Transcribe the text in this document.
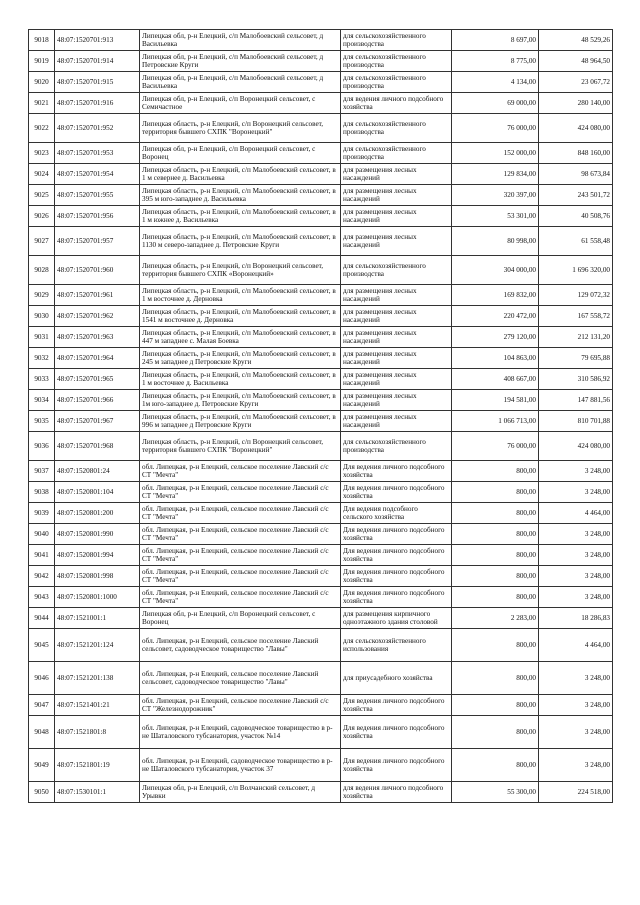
9018	48:07:1520701:913	Липецкая обл, р-н Елецкий, с/п Малобоевский сельсовет, д Васильевка	для сельскохозяйственного производства	8 697,00	48 529,26
9019	48:07:1520701:914	Липецкая обл, р-н Елецкий, с/п Малобоевский сельсовет, д Петровские Круги	для сельскохозяйственного производства	8 775,00	48 964,50
9020	48:07:1520701:915	Липецкая обл, р-н Елецкий, с/п Малобоевский сельсовет, д Васильевка	для сельскохозяйственного производства	4 134,00	23 067,72
9021	48:07:1520701:916	Липецкая обл, р-н Елецкий, с/п Воронецкий сельсовет, с Семичастное	для ведения личного подсобного хозяйства	69 000,00	280 140,00
9022	48:07:1520701:952	Липецкая область, р-н Елецкий, с/п Воронецкий сельсовет, территория бывшего СХПК "Воронецкий"	для сельскохозяйственного производства	76 000,00	424 080,00
9023	48:07:1520701:953	Липецкая обл, р-н Елецкий, с/п Воронецкий сельсовет, с Воронец	для сельскохозяйственного производства	152 000,00	848 160,00
9024	48:07:1520701:954	Липецкая область, р-н Елецкий, с/п Малобоевский сельсовет, в 1 м севернее д. Васильевка	для размещения лесных насаждений	129 834,00	98 673,84
9025	48:07:1520701:955	Липецкая область, р-н Елецкий, с/п Малобоевский сельсовет, в 395 м юго-западнее д. Васильевка	для размещения лесных насаждений	320 397,00	243 501,72
9026	48:07:1520701:956	Липецкая область, р-н Елецкий, с/п Малобоевский сельсовет, в 1 м южнее д. Васильевка	для размещения лесных насаждений	53 301,00	40 508,76
9027	48:07:1520701:957	Липецкая область, р-н Елецкий, с/п Малобоевский сельсовет, в 1130 м северо-западнее д. Петровские Круги	для размещения лесных насаждений	80 998,00	61 558,48
9028	48:07:1520701:960	Липецкая область, р-н Елецкий, с/п Воронецкий сельсовет, территория бывшего СХПК «Воронецкий»	для сельскохозяйственного производства	304 000,00	1 696 320,00
9029	48:07:1520701:961	Липецкая область, р-н Елецкий, с/п Малобоевский сельсовет, в 1 м восточнее д. Дерновка	для размещения лесных насаждений	169 832,00	129 072,32
9030	48:07:1520701:962	Липецкая область, р-н Елецкий, с/п Малобоевский сельсовет, в 1541 м восточнее д. Дерновка	для размещения лесных насаждений	220 472,00	167 558,72
9031	48:07:1520701:963	Липецкая область, р-н Елецкий, с/п Малобоевский сельсовет, в 447 м западнее с. Малая Боевка	для размещения лесных насаждений	279 120,00	212 131,20
9032	48:07:1520701:964	Липецкая область, р-н Елецкий, с/п Малобоевский сельсовет, в 245 м западнее д Петровские Круги	для размещения лесных насаждений	104 863,00	79 695,88
9033	48:07:1520701:965	Липецкая область, р-н Елецкий, с/п Малобоевский сельсовет, в 1 м восточнее д. Васильевка	для размещения лесных насаждений	408 667,00	310 586,92
9034	48:07:1520701:966	Липецкая область, р-н Елецкий, с/п Малобоевский сельсовет, в 1м юго-западнее д. Петровские Круги	для размещения лесных насаждений	194 581,00	147 881,56
9035	48:07:1520701:967	Липецкая область, р-н Елецкий, с/п Малобоевский сельсовет, в 996 м западнее д Петровские Круги	для размещения лесных насаждений	1 066 713,00	810 701,88
9036	48:07:1520701:968	Липецкая область, р-н Елецкий, с/п Воронецкий сельсовет, территория бывшего СХПК "Воронецкий"	для сельскохозяйственного производства	76 000,00	424 080,00
9037	48:07:1520801:24	обл. Липецкая, р-н Елецкий, сельское поселение Лавский с/с СТ "Мечта"	Для ведения личного подсобного хозяйства	800,00	3 248,00
9038	48:07:1520801:104	обл. Липецкая, р-н Елецкий, сельское поселение Лавский с/с СТ "Мечта"	Для ведения личного подсобного хозяйства	800,00	3 248,00
9039	48:07:1520801:200	обл. Липецкая, р-н Елецкий, сельское поселение Лавский с/с СТ "Мечта"	Для ведения подсобного сельского хозяйства	800,00	4 464,00
9040	48:07:1520801:990	обл. Липецкая, р-н Елецкий, сельское поселение Лавский с/с СТ "Мечта"	Для ведения личного подсобного хозяйства	800,00	3 248,00
9041	48:07:1520801:994	обл. Липецкая, р-н Елецкий, сельское поселение Лавский с/с СТ "Мечта"	Для ведения личного подсобного хозяйства	800,00	3 248,00
9042	48:07:1520801:998	обл. Липецкая, р-н Елецкий, сельское поселение Лавский с/с СТ "Мечта"	Для ведения личного подсобного хозяйства	800,00	3 248,00
9043	48:07:1520801:1000	обл. Липецкая, р-н Елецкий, сельское поселение Лавский с/с СТ "Мечта"	Для ведения личного подсобного хозяйства	800,00	3 248,00
9044	48:07:1521001:1	Липецкая обл, р-н Елецкий, с/п Воронецкий сельсовет, с Воронец	для размещения кирпичного одноэтажного здания столовой	2 283,00	18 286,83
9045	48:07:1521201:124	обл. Липецкая, р-н Елецкий, сельское поселение Лавский сельсовет, садоводческое товарищество "Лавы"	для сельскохозяйственного использования	800,00	4 464,00
9046	48:07:1521201:138	обл. Липецкая, р-н Елецкий, сельское поселение Лавский сельсовет, садоводческое товарищество "Лавы"	для приусадебного хозяйства	800,00	3 248,00
9047	48:07:1521401:21	обл. Липецкая, р-н Елецкий, сельское поселение Лавский с/с СТ "Железнодорожник"	Для ведения личного подсобного хозяйства	800,00	3 248,00
9048	48:07:1521801:8	обл. Липецкая, р-н Елецкий, садоводческое товарищество в р-не Шаталовского тубсанатория, участок №14	Для ведения личного подсобного хозяйства	800,00	3 248,00
9049	48:07:1521801:19	обл. Липецкая, р-н Елецкий, садоводческое товарищество в р-не Шаталовского тубсанатория, участок 37	Для ведения личного подсобного хозяйства	800,00	3 248,00
9050	48:07:1530101:1	Липецкая обл, р-н Елецкий, с/п Волчанский сельсовет, д Урывки	для ведения личного подсобного хозяйства	55 300,00	224 518,00
